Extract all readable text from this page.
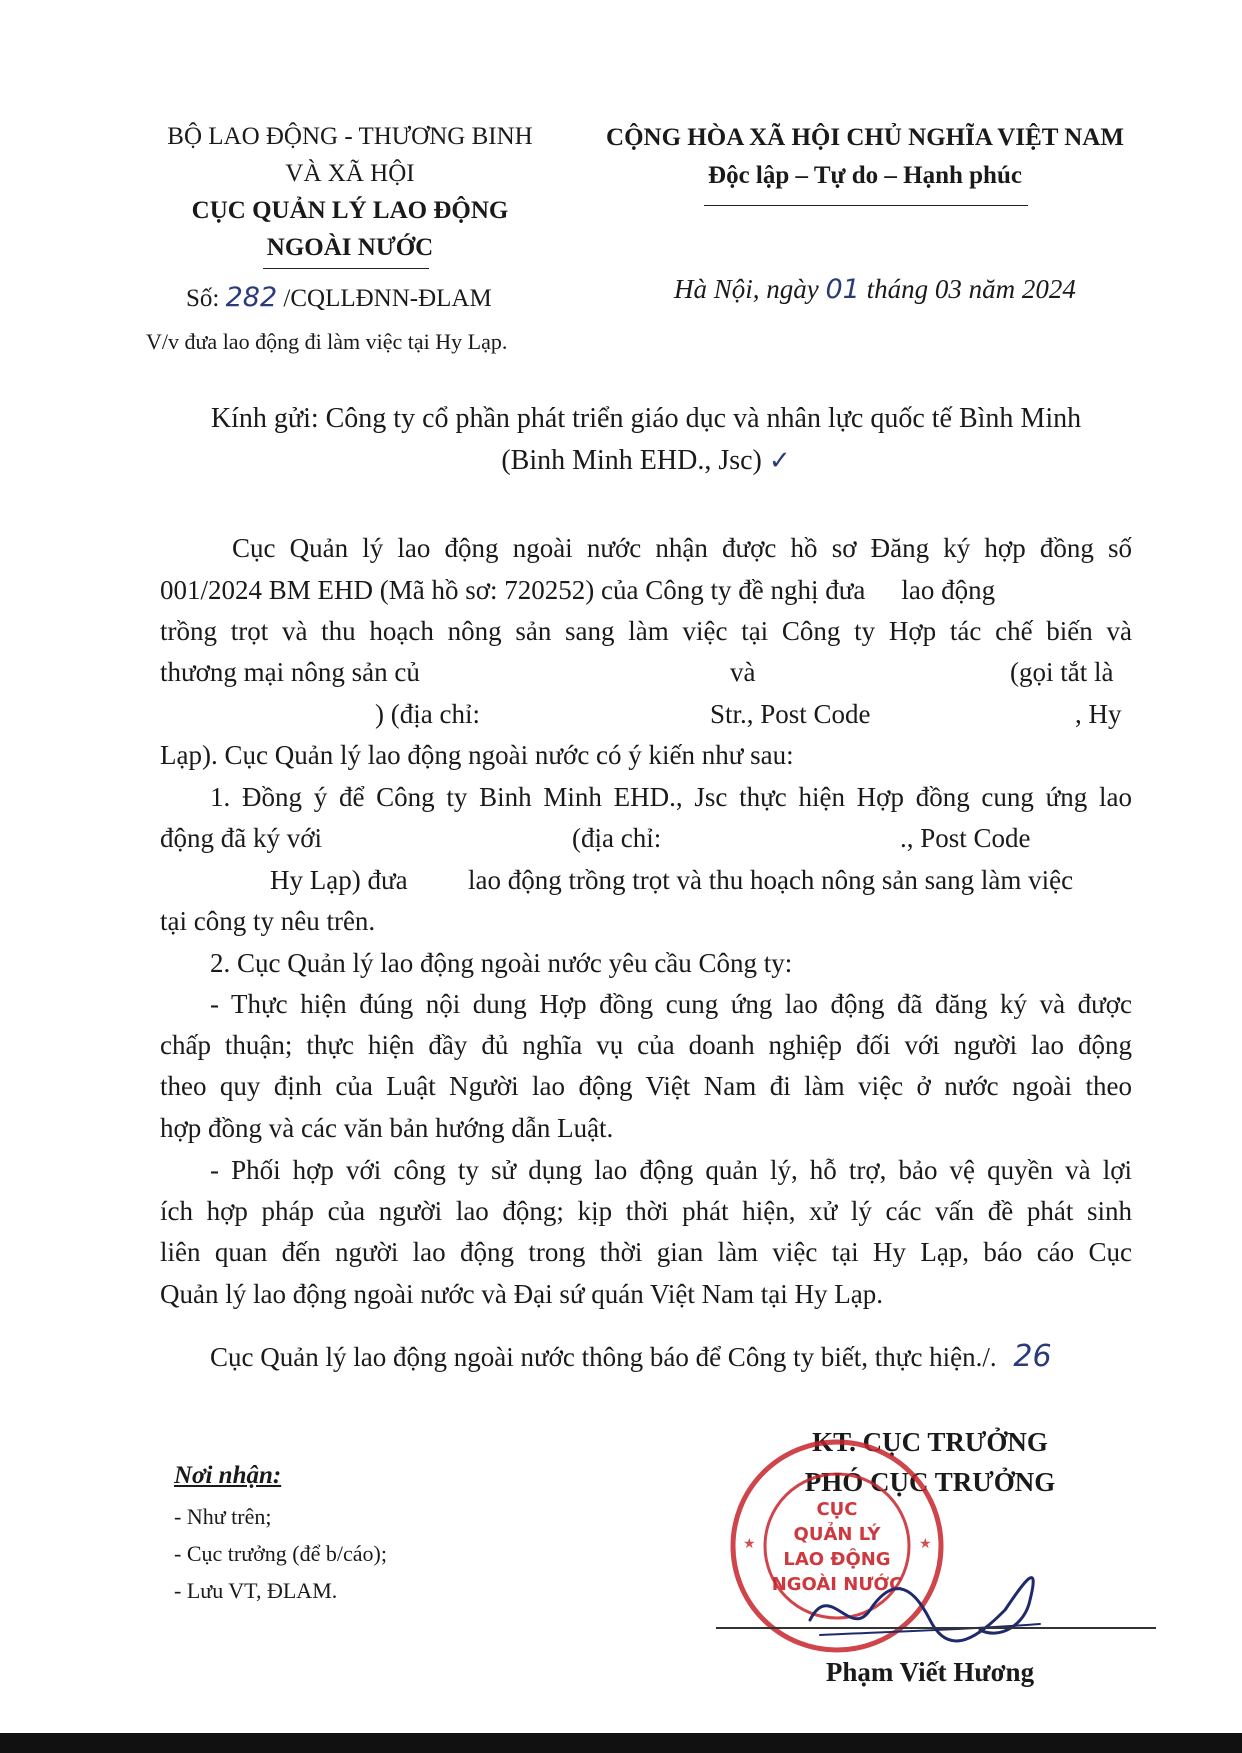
BỘ LAO ĐỘNG - THƯƠNG BINH
VÀ XÃ HỘI
CỤC QUẢN LÝ LAO ĐỘNG
NGOÀI NƯỚC
Số: 282 /CQLLĐNN-ĐLAM
V/v đưa lao động đi làm việc tại Hy Lạp.
CỘNG HÒA XÃ HỘI CHỦ NGHĨA VIỆT NAM
Độc lập – Tự do – Hạnh phúc
Hà Nội, ngày 01 tháng 03 năm 2024
Kính gửi: Công ty cổ phần phát triển giáo dục và nhân lực quốc tế Bình Minh
(Binh Minh EHD., Jsc) ✓
Cục Quản lý lao động ngoài nước nhận được hồ sơ Đăng ký hợp đồng số
001/2024 BM EHD (Mã hồ sơ: 720252) của Công ty đề nghị đưa lao động
trồng trọt và thu hoạch nông sản sang làm việc tại Công ty Hợp tác chế biến và
thương mại nông sản củ	và	(gọi tắt là
) (địa chỉ:	Str., Post Code	, Hy
Lạp). Cục Quản lý lao động ngoài nước có ý kiến như sau:
1. Đồng ý để Công ty Binh Minh EHD., Jsc thực hiện Hợp đồng cung ứng lao
động đã ký với	(địa chỉ:	., Post Code
Hy Lạp) đưa lao động trồng trọt và thu hoạch nông sản sang làm việc
tại công ty nêu trên.
2. Cục Quản lý lao động ngoài nước yêu cầu Công ty:
- Thực hiện đúng nội dung Hợp đồng cung ứng lao động đã đăng ký và được
chấp thuận; thực hiện đầy đủ nghĩa vụ của doanh nghiệp đối với người lao động
theo quy định của Luật Người lao động Việt Nam đi làm việc ở nước ngoài theo
hợp đồng và các văn bản hướng dẫn Luật.
- Phối hợp với công ty sử dụng lao động quản lý, hỗ trợ, bảo vệ quyền và lợi
ích hợp pháp của người lao động; kịp thời phát hiện, xử lý các vấn đề phát sinh
liên quan đến người lao động trong thời gian làm việc tại Hy Lạp, báo cáo Cục
Quản lý lao động ngoài nước và Đại sứ quán Việt Nam tại Hy Lạp.
Cục Quản lý lao động ngoài nước thông báo để Công ty biết, thực hiện./. 26
Nơi nhận:
- Như trên;
- Cục trưởng (để b/cáo);
- Lưu VT, ĐLAM.
KT. CỤC TRƯỞNG
PHÓ CỤC TRƯỞNG
★	★
CỤC
QUẢN LÝ
LAO ĐỘNG
NGOÀI NƯỚC
Phạm Viết Hương
